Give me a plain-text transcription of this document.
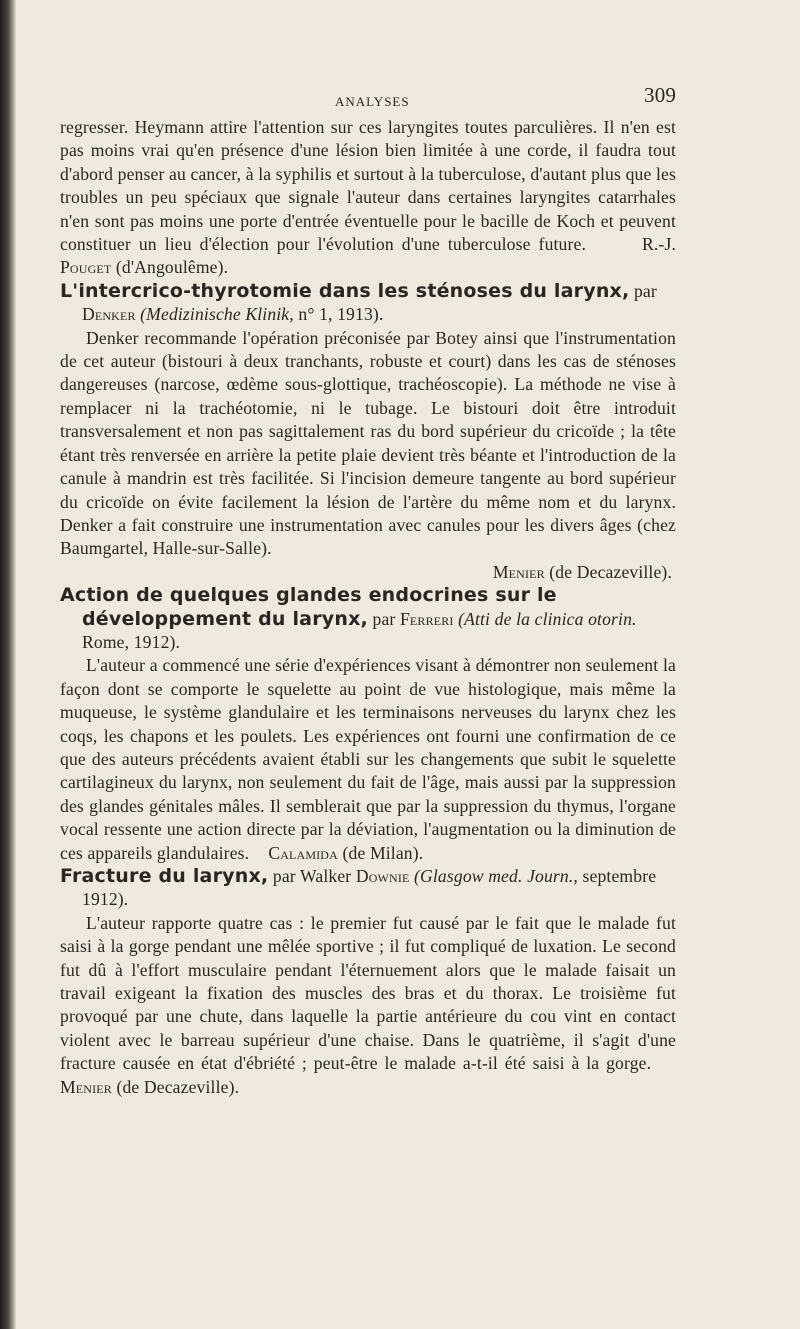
ANALYSES	309

regresser. Heymann attire l'attention sur ces laryngites toutes parculières. Il n'en est pas moins vrai qu'en présence d'une lésion bien limitée à une corde, il faudra tout d'abord penser au cancer, à la syphilis et surtout à la tuberculose, d'autant plus que les troubles un peu spéciaux que signale l'auteur dans certaines laryngites catarrhales n'en sont pas moins une porte d'entrée éventuelle pour le bacille de Koch et peuvent constituer un lieu d'élection pour l'évolution d'une tuberculose future.	R.-J. Pouget (d'Angoulême).

L'intercrico-thyrotomie dans les sténoses du larynx, par Denker (Medizinische Klinik, n° 1, 1913).

Denker recommande l'opération préconisée par Botey ainsi que l'instrumentation de cet auteur (bistouri à deux tranchants, robuste et court) dans les cas de sténoses dangereuses (narcose, œdème sous-glottique, trachéoscopie). La méthode ne vise à remplacer ni la trachéotomie, ni le tubage. Le bistouri doit être introduit transversalement et non pas sagittalement ras du bord supérieur du cricoïde ; la tête étant très renversée en arrière la petite plaie devient très béante et l'introduction de la canule à mandrin est très facilitée. Si l'incision demeure tangente au bord supérieur du cricoïde on évite facilement la lésion de l'artère du même nom et du larynx. Denker a fait construire une instrumentation avec canules pour les divers âges (chez Baumgartel, Halle-sur-Salle).

Menier (de Decazeville).

Action de quelques glandes endocrines sur le développement du larynx, par Ferreri (Atti de la clinica otorin. Rome, 1912).

L'auteur a commencé une série d'expériences visant à démontrer non seulement la façon dont se comporte le squelette au point de vue histologique, mais même la muqueuse, le système glandulaire et les terminaisons nerveuses du larynx chez les coqs, les chapons et les poulets. Les expériences ont fourni une confirmation de ce que des auteurs précédents avaient établi sur les changements que subit le squelette cartilagineux du larynx, non seulement du fait de l'âge, mais aussi par la suppression des glandes génitales mâles. Il semblerait que par la suppression du thymus, l'organe vocal ressente une action directe par la déviation, l'augmentation ou la diminution de ces appareils glandulaires. Calamida (de Milan).

Fracture du larynx, par Walker Downie (Glasgow med. Journ., septembre 1912).

L'auteur rapporte quatre cas : le premier fut causé par le fait que le malade fut saisi à la gorge pendant une mêlée sportive ; il fut compliqué de luxation. Le second fut dû à l'effort musculaire pendant l'éternuement alors que le malade faisait un travail exigeant la fixation des muscles des bras et du thorax. Le troisième fut provoqué par une chute, dans laquelle la partie antérieure du cou vint en contact violent avec le barreau supérieur d'une chaise. Dans le quatrième, il s'agit d'une fracture causée en état d'ébriété ; peut-être le malade a-t-il été saisi à la gorge.  Menier (de Decazeville).
